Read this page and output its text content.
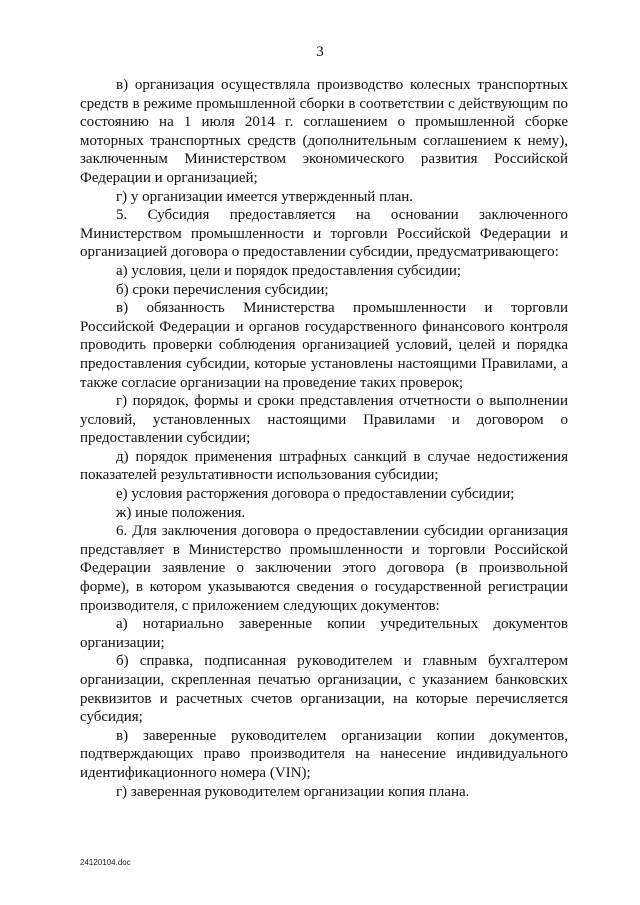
3

в) организация осуществляла производство колесных транспортных средств в режиме промышленной сборки в соответствии с действующим по состоянию на 1 июля 2014 г. соглашением о промышленной сборке моторных транспортных средств (дополнительным соглашением к нему), заключенным Министерством экономического развития Российской Федерации и организацией;

г) у организации имеется утвержденный план.

5. Субсидия предоставляется на основании заключенного Министерством промышленности и торговли Российской Федерации и организацией договора о предоставлении субсидии, предусматривающего:

а) условия, цели и порядок предоставления субсидии;

б) сроки перечисления субсидии;

в) обязанность Министерства промышленности и торговли Российской Федерации и органов государственного финансового контроля проводить проверки соблюдения организацией условий, целей и порядка предоставления субсидии, которые установлены настоящими Правилами, а также согласие организации на проведение таких проверок;

г) порядок, формы и сроки представления отчетности о выполнении условий, установленных настоящими Правилами и договором о предоставлении субсидии;

д) порядок применения штрафных санкций в случае недостижения показателей результативности использования субсидии;

е) условия расторжения договора о предоставлении субсидии;

ж) иные положения.

6. Для заключения договора о предоставлении субсидии организация представляет в Министерство промышленности и торговли Российской Федерации заявление о заключении этого договора (в произвольной форме), в котором указываются сведения о государственной регистрации производителя, с приложением следующих документов:

а) нотариально заверенные копии учредительных документов организации;

б) справка, подписанная руководителем и главным бухгалтером организации, скрепленная печатью организации, с указанием банковских реквизитов и расчетных счетов организации, на которые перечисляется субсидия;

в) заверенные руководителем организации копии документов, подтверждающих право производителя на нанесение индивидуального идентификационного номера (VIN);

г) заверенная руководителем организации копия плана.

24120104.doc
